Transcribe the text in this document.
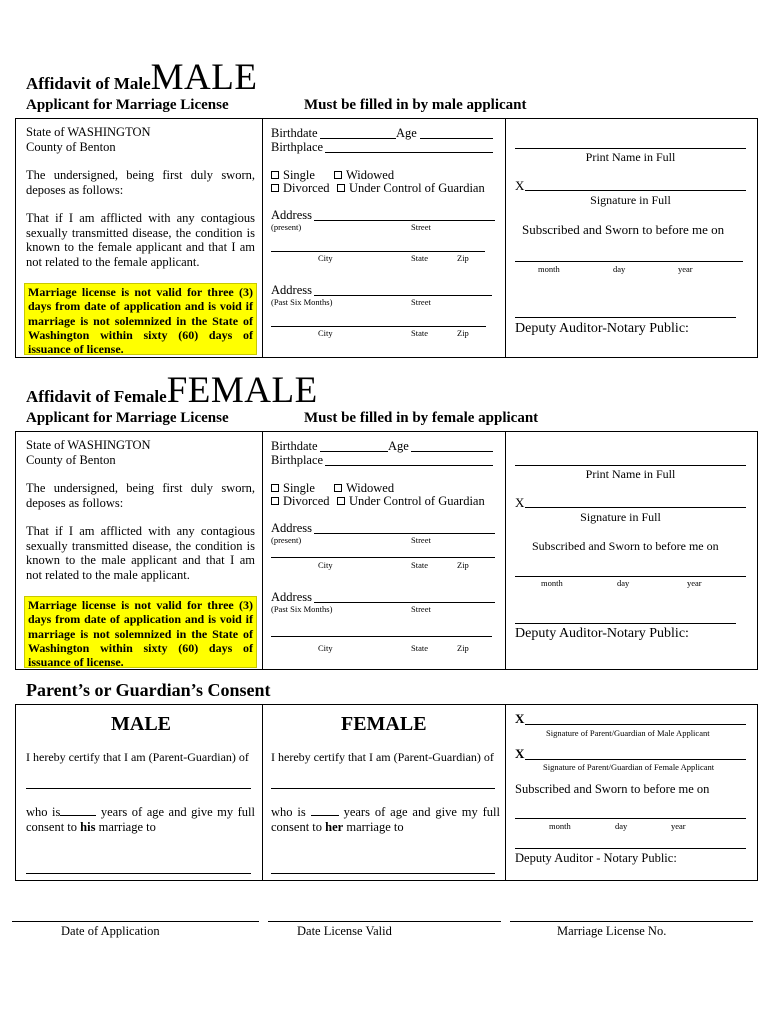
Affidavit of MaleMALE
Applicant for Marriage License	Must be filled in by male applicant
State of WASHINGTON
County of Benton
The undersigned, being first duly sworn, deposes as follows:
That if I am afflicted with any contagious sexually transmitted disease, the condition is known to the female applicant and that I am not related to the female applicant.
Marriage license is not valid for three (3) days from date of application and is void if marriage is not solemnized in the State of Washington within sixty (60) days of issuance of license.
Birthdate	Age
Birthplace
Single	Widowed
Divorced	Under Control of Guardian
Address
(present)	Street
City	State	Zip
Address
(Past Six Months)	Street
City	State	Zip
Print Name in Full
X
Signature in Full
Subscribed and Sworn to before me on
month	day	year
Deputy Auditor-Notary Public:
Affidavit of FemaleFEMALE
Applicant for Marriage License	Must be filled in by female applicant
State of WASHINGTON
County of Benton
The undersigned, being first duly sworn, deposes as follows:
That if I am afflicted with any contagious sexually transmitted disease, the condition is known to the male applicant and that I am not related to the male applicant.
Marriage license is not valid for three (3) days from date of application and is void if marriage is not solemnized in the State of Washington within sixty (60) days of issuance of license.
Birthdate	Age
Birthplace
Single	Widowed
Divorced	Under Control of Guardian
Address
(present)	Street
City	State	Zip
Address
(Past Six Months)	Street
City	State	Zip
Print Name in Full
X
Signature in Full
Subscribed and Sworn to before me on
month	day	year
Deputy Auditor-Notary Public:
Parent’s or Guardian’s Consent
MALE
I hereby certify that I am (Parent-Guardian) of
who is	years of age and give my full consent to his marriage to
FEMALE
I hereby certify that I am (Parent-Guardian) of
who is	years of age and give my full consent to her marriage to
X
Signature of Parent/Guardian of Male Applicant
X
Signature of Parent/Guardian of Female Applicant
Subscribed and Sworn to before me on
month	day	year
Deputy Auditor - Notary Public:
Date of Application	Date License Valid	Marriage License No.
